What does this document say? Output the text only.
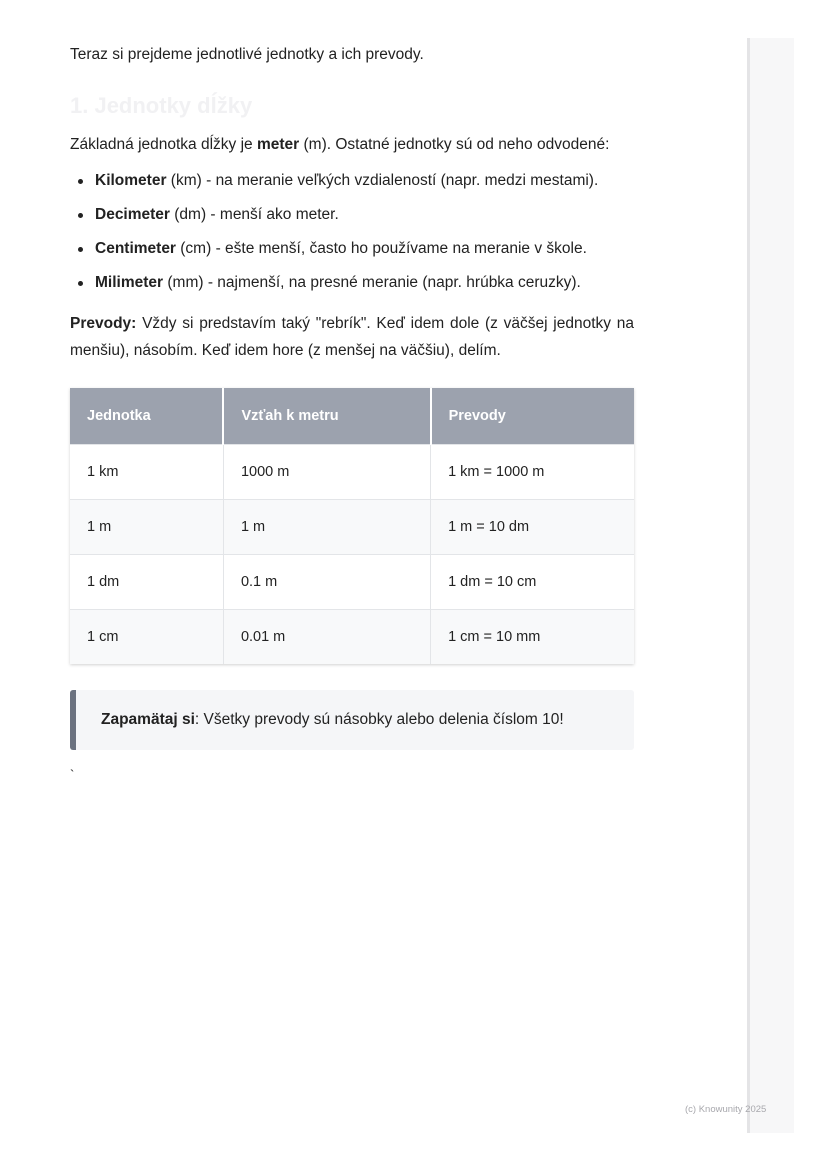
Teraz si prejdeme jednotlivé jednotky a ich prevody.

1. Jednotky dĺžky

Základná jednotka dĺžky je meter (m). Ostatné jednotky sú od neho odvodené:

Kilometer (km) - na meranie veľkých vzdialeností (napr. medzi mestami).
Decimeter (dm) - menší ako meter.
Centimeter (cm) - ešte menší, často ho používame na meranie v škole.
Milimeter (mm) - najmenší, na presné meranie (napr. hrúbka ceruzky).

Prevody: Vždy si predstavím taký "rebrík". Keď idem dole (z väčšej jednotky na menšiu), násobím. Keď idem hore (z menšej na väčšiu), delím.

Jednotka	Vzťah k metru	Prevody
1 km	1000 m	1 km = 1000 m
1 m	1 m	1 m = 10 dm
1 dm	0.1 m	1 dm = 10 cm
1 cm	0.01 m	1 cm = 10 mm
Zapamätaj si: Všetky prevody sú násobky alebo delenia číslom 10!

`

(c) Knowunity 2025
